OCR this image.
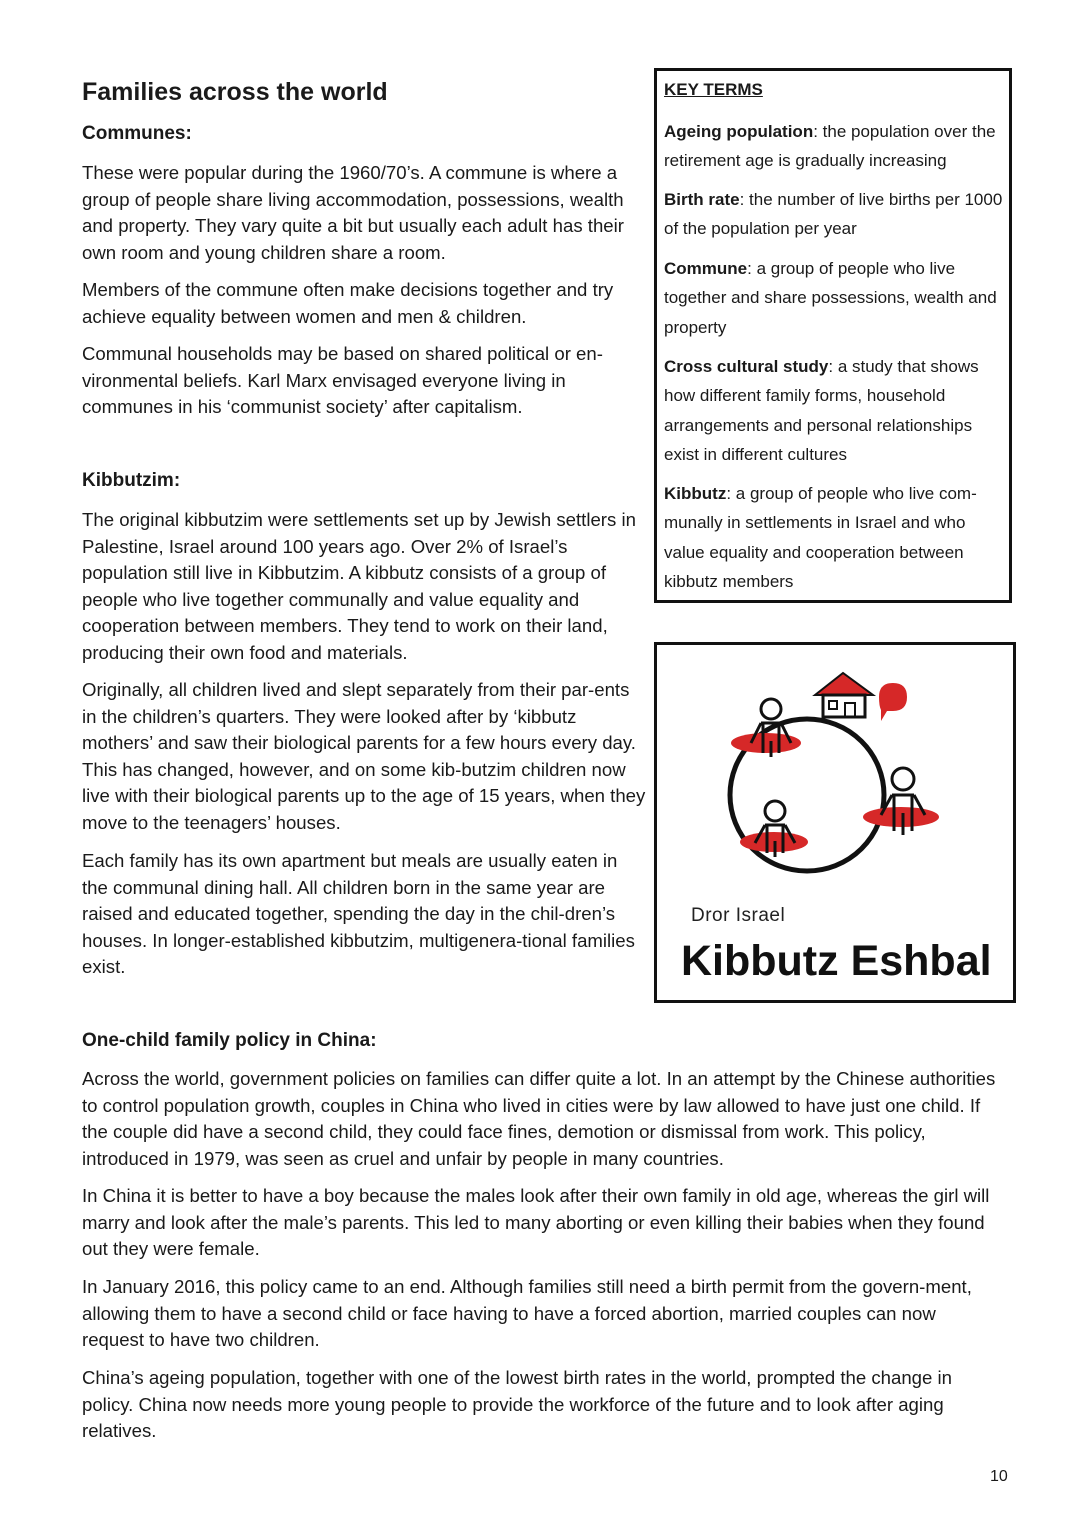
Families across the world
Communes:

These were popular during the 1960/70’s. A commune is where a group of people share living accommodation, possessions, wealth and property. They vary quite a bit but usually each adult has their own room and young children share a room.

Members of the commune often make decisions together and try achieve equality between women and men & children.

Communal households may be based on shared political or en-vironmental beliefs. Karl Marx envisaged everyone living in communes in his ‘communist society’ after capitalism.

Kibbutzim:

The original kibbutzim were settlements set up by Jewish settlers in Palestine, Israel around 100 years ago. Over 2% of Israel’s population still live in Kibbutzim. A kibbutz consists of a group of people who live together communally and value equality and cooperation between members. They tend to work on their land, producing their own food and materials.

Originally, all children lived and slept separately from their par-ents in the children’s quarters. They were looked after by ‘kibbutz mothers’ and saw their biological parents for a few hours every day. This has changed, however, and on some kib-butzim children now live with their biological parents up to the age of 15 years, when they move to the teenagers’ houses.

Each family has its own apartment but meals are usually eaten in the communal dining hall. All children born in the same year are raised and educated together, spending the day in the chil-dren’s houses. In longer-established kibbutzim, multigenera-tional families exist.

KEY TERMS

Ageing population: the population over the retirement age is gradually increasing

Birth rate: the number of live births per 1000 of the population per year

Commune: a group of people who live together and share possessions, wealth and property

Cross cultural study: a study that shows how different family forms, household arrangements and personal relationships exist in different cultures

Kibbutz: a group of people who live com-munally in settlements in Israel and who value equality and cooperation between kibbutz members

Dror Israel

Kibbutz Eshbal

One-child family policy in China:

Across the world, government policies on families can differ quite a lot. In an attempt by the Chinese authorities to control population growth, couples in China who lived in cities were by law allowed to have just one child. If the couple did have a second child, they could face fines, demotion or dismissal from work. This policy, introduced in 1979, was seen as cruel and unfair by people in many countries.

In China it is better to have a boy because the males look after their own family in old age, whereas the girl will marry and look after the male’s parents. This led to many aborting or even killing their babies when they found out they were female.

In January 2016, this policy came to an end. Although families still need a birth permit from the govern-ment, allowing them to have a second child or face having to have a forced abortion, married couples can now request to have two children.

China’s ageing population, together with one of the lowest birth rates in the world, prompted the change in policy. China now needs more young people to provide the workforce of the future and to look after aging relatives.

10
